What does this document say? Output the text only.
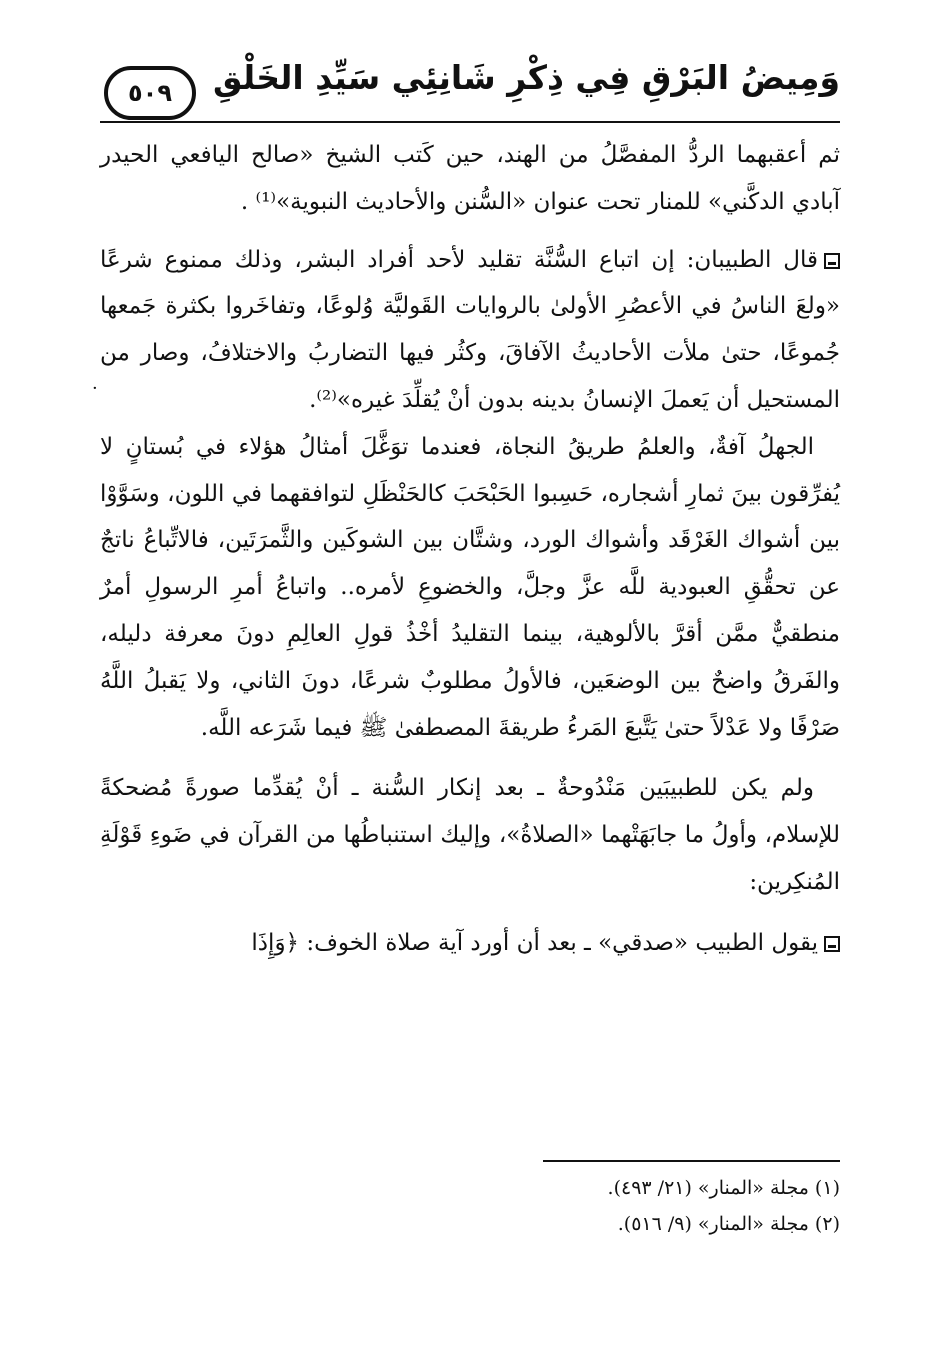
وَمِيضُ البَرْقِ فِي ذِكْرِ شَانِئِي سَيِّدِ الخَلْقِ
٥٠٩
·

ثم أعقبهما الردُّ المفصَّلُ من الهند، حين كَتب الشيخ «صالح اليافعي الحيدر آبادي الدكَّني» للمنار تحت عنوان «السُّنن والأحاديث النبوية»⁽¹⁾ .

قال الطبيبان: إن اتباع السُّنَّة تقليد لأحد أفراد البشر، وذلك ممنوع شرعًا «ولعَ الناسُ في الأعصُرِ الأولىٰ بالروايات القَوليَّة وُلوعًا، وتفاخَروا بكثرة جَمعها جُموعًا، حتىٰ ملأت الأحاديثُ الآفاقَ، وكثُر فيها التضاربُ والاختلافُ، وصار من المستحيل أن يَعملَ الإنسانُ بدينه بدون أنْ يُقلِّدَ غيره»⁽²⁾.

الجهلُ آفةٌ، والعلمُ طريقُ النجاة، فعندما توَغَّلَ أمثالُ هؤلاء في بُستانٍ لا يُفرِّقون بينَ ثمارِ أشجاره، حَسِبوا الحَبْحَبَ كالحَنْظَلِ لتوافقهما في اللون، وسَوَّوْا بين أشواك الغَرْقَد وأشواك الورد، وشتَّان بين الشوكَين والثَّمرَتَين، فالاتِّباعُ ناتجٌ عن تحقُّقِ العبودية للَّه عزَّ وجلَّ، والخضوعِ لأمره.. واتباعُ أمرِ الرسولِ أمرٌ منطقيٌّ ممَّن أقرَّ بالألوهية، بينما التقليدُ أخْذُ قولِ العالِمِ دونَ معرفة دليله، والفَرقُ واضحٌ بين الوضعَين، فالأولُ مطلوبٌ شرعًا، دونَ الثاني، ولا يَقبلُ اللَّهُ صَرْفًا ولا عَدْلاً حتىٰ يَتَّبعَ المَرءُ طريقةَ المصطفىٰ ﷺ فيما شَرَعه اللَّه.

ولم يكن للطبيبَين مَنْدُوحةٌ ـ بعد إنكار السُّنة ـ أنْ يُقدِّما صورةً مُضحكةً للإسلام، وأولُ ما جابَهَتْهما «الصلاةُ»، وإليك استنباطُها من القرآن في ضَوءِ قَوْلَةِ المُنكِرين:

يقول الطبيب «صدقي» ـ بعد أن أورد آية صلاة الخوف: ﴿وَإِذَا

(١) مجلة «المنار» (٢١/ ٤٩٣).
(٢) مجلة «المنار» (٩/ ٥١٦).
